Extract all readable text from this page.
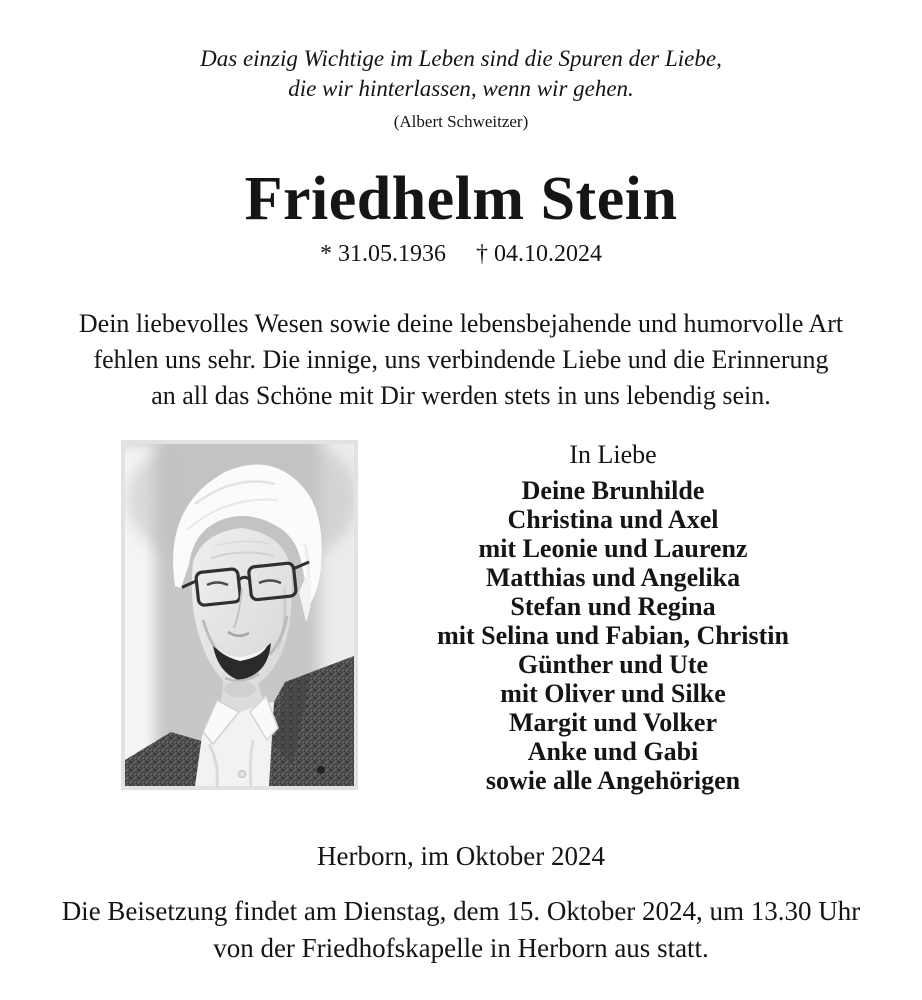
Das einzig Wichtige im Leben sind die Spuren der Liebe,
die wir hinterlassen, wenn wir gehen.
(Albert Schweitzer)
Friedhelm Stein
* 31.05.1936 † 04.10.2024
Dein liebevolles Wesen sowie deine lebensbejahende und humorvolle Art
fehlen uns sehr. Die innige, uns verbindende Liebe und die Erinnerung
an all das Schöne mit Dir werden stets in uns lebendig sein.
In Liebe
Deine Brunhilde
Christina und Axel
mit Leonie und Laurenz
Matthias und Angelika
Stefan und Regina
mit Selina und Fabian, Christin
Günther und Ute
mit Oliver und Silke
Margit und Volker
Anke und Gabi
sowie alle Angehörigen
Herborn, im Oktober 2024
Die Beisetzung findet am Dienstag, dem 15. Oktober 2024, um 13.30 Uhr
von der Friedhofskapelle in Herborn aus statt.
